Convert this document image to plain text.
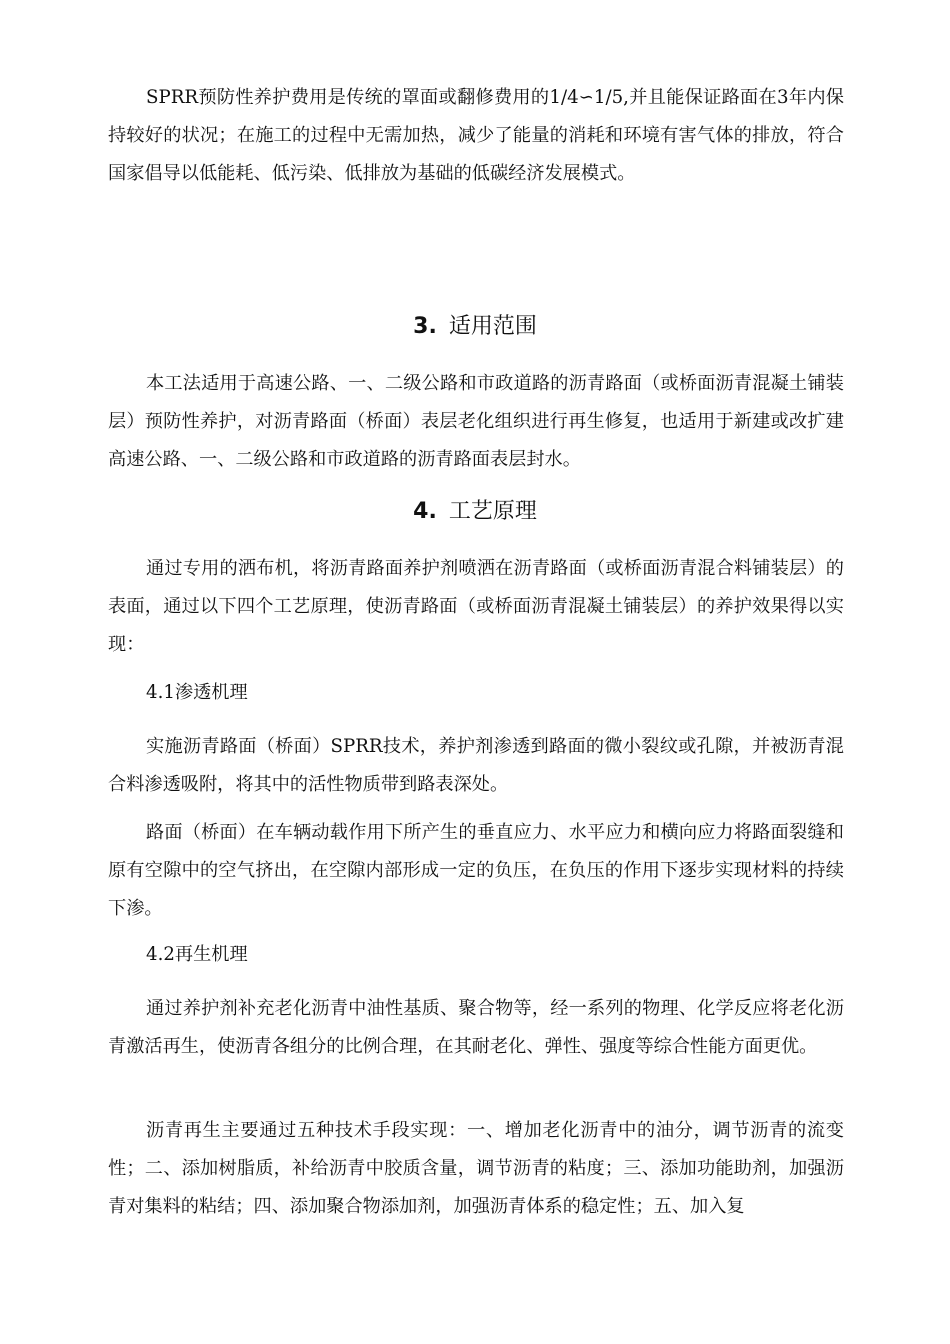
SPRR预防性养护费用是传统的罩面或翻修费用的1/4∽1/5,并且能保证路面在3年内保持较好的状况；在施工的过程中无需加热，减少了能量的消耗和环境有害气体的排放，符合国家倡导以低能耗、低污染、低排放为基础的低碳经济发展模式。

3. 适用范围

本工法适用于高速公路、一、二级公路和市政道路的沥青路面（或桥面沥青混凝土铺装层）预防性养护，对沥青路面（桥面）表层老化组织进行再生修复，也适用于新建或改扩建高速公路、一、二级公路和市政道路的沥青路面表层封水。

4. 工艺原理

通过专用的洒布机，将沥青路面养护剂喷洒在沥青路面（或桥面沥青混合料铺装层）的表面，通过以下四个工艺原理，使沥青路面（或桥面沥青混凝土铺装层）的养护效果得以实现：

4.1渗透机理

实施沥青路面（桥面）SPRR技术，养护剂渗透到路面的微小裂纹或孔隙，并被沥青混合料渗透吸附，将其中的活性物质带到路表深处。

路面（桥面）在车辆动载作用下所产生的垂直应力、水平应力和横向应力将路面裂缝和原有空隙中的空气挤出，在空隙内部形成一定的负压，在负压的作用下逐步实现材料的持续下渗。

4.2再生机理

通过养护剂补充老化沥青中油性基质、聚合物等，经一系列的物理、化学反应将老化沥青激活再生，使沥青各组分的比例合理，在其耐老化、弹性、强度等综合性能方面更优。

沥青再生主要通过五种技术手段实现：一、增加老化沥青中的油分，调节沥青的流变性；二、添加树脂质，补给沥青中胶质含量，调节沥青的粘度；三、添加功能助剂，加强沥青对集料的粘结；四、添加聚合物添加剂，加强沥青体系的稳定性；五、加入复
